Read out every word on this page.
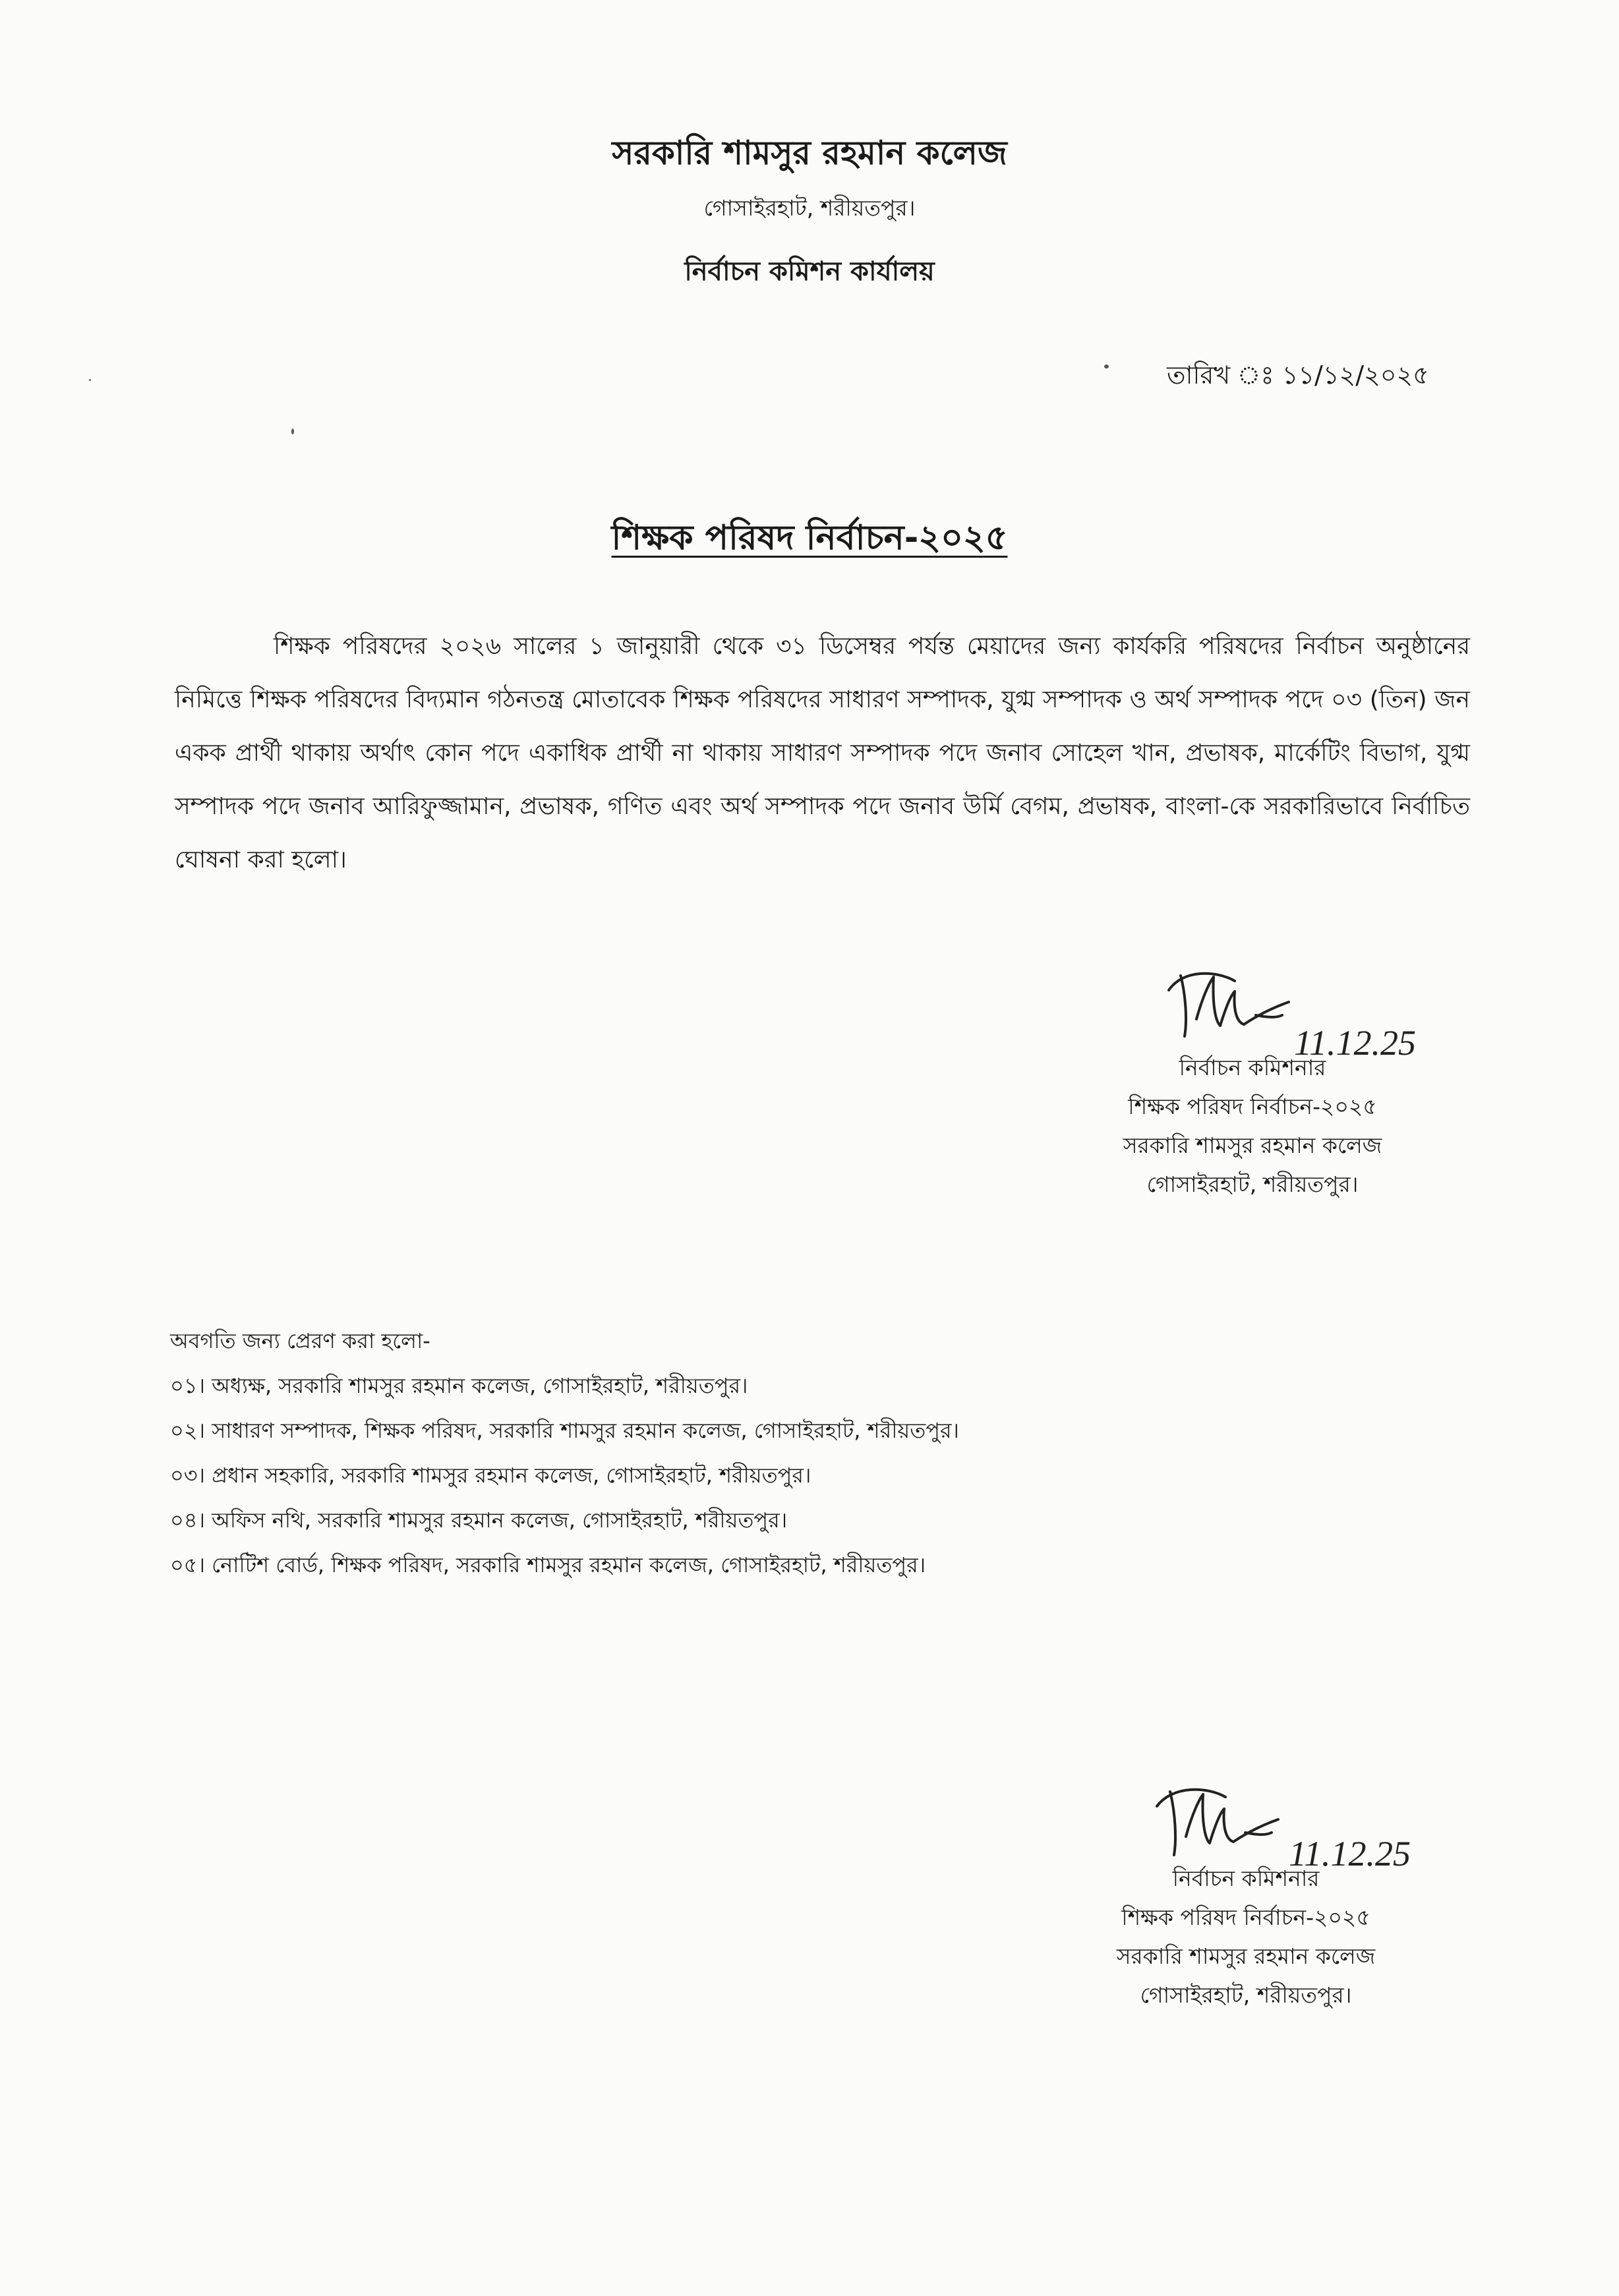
সরকারি শামসুর রহমান কলেজ
গোসাইরহাট, শরীয়তপুর।
নির্বাচন কমিশন কার্যালয়
তারিখ ঃ ১১/১২/২০২৫
শিক্ষক পরিষদ নির্বাচন-২০২৫
শিক্ষক পরিষদের ২০২৬ সালের ১ জানুয়ারী থেকে ৩১ ডিসেম্বর পর্যন্ত মেয়াদের জন্য কার্যকরি পরিষদের নির্বাচন অনুষ্ঠানের নিমিত্তে শিক্ষক পরিষদের বিদ্যমান গঠনতন্ত্র মোতাবেক শিক্ষক পরিষদের সাধারণ সম্পাদক, যুগ্ম সম্পাদক ও অর্থ সম্পাদক পদে ০৩ (তিন) জন একক প্রার্থী থাকায় অর্থাৎ কোন পদে একাধিক প্রার্থী না থাকায় সাধারণ সম্পাদক পদে জনাব সোহেল খান, প্রভাষক, মার্কেটিং বিভাগ, যুগ্ম সম্পাদক পদে জনাব আরিফুজ্জামান, প্রভাষক, গণিত এবং অর্থ সম্পাদক পদে জনাব উর্মি বেগম, প্রভাষক, বাংলা-কে সরকারিভাবে নির্বাচিত ঘোষনা করা হলো।
11.12.25
নির্বাচন কমিশনার
শিক্ষক পরিষদ নির্বাচন-২০২৫
সরকারি শামসুর রহমান কলেজ
গোসাইরহাট, শরীয়তপুর।
অবগতি জন্য প্রেরণ করা হলো-
০১। অধ্যক্ষ, সরকারি শামসুর রহমান কলেজ, গোসাইরহাট, শরীয়তপুর।
০২। সাধারণ সম্পাদক, শিক্ষক পরিষদ, সরকারি শামসুর রহমান কলেজ, গোসাইরহাট, শরীয়তপুর।
০৩। প্রধান সহকারি, সরকারি শামসুর রহমান কলেজ, গোসাইরহাট, শরীয়তপুর।
০৪। অফিস নথি, সরকারি শামসুর রহমান কলেজ, গোসাইরহাট, শরীয়তপুর।
০৫। নোটিশ বোর্ড, শিক্ষক পরিষদ, সরকারি শামসুর রহমান কলেজ, গোসাইরহাট, শরীয়তপুর।
11.12.25
নির্বাচন কমিশনার
শিক্ষক পরিষদ নির্বাচন-২০২৫
সরকারি শামসুর রহমান কলেজ
গোসাইরহাট, শরীয়তপুর।
